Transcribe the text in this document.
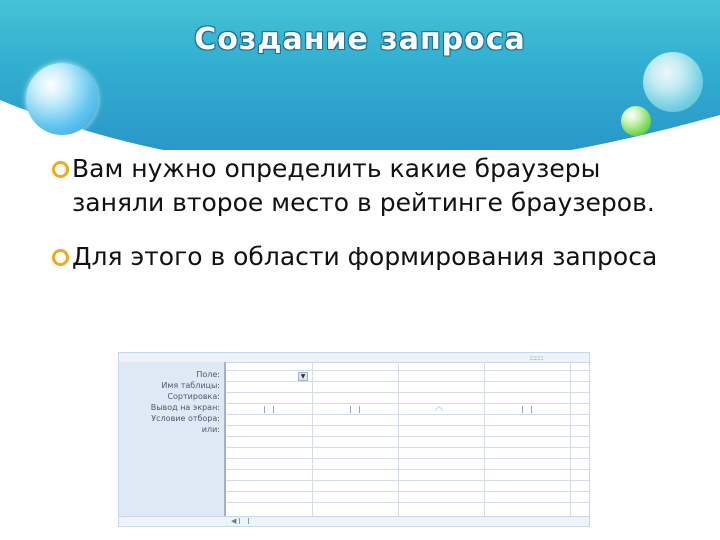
Создание запроса
Вам нужно определить какие браузеры заняли второе место в рейтинге браузеров.
Для этого в области формирования запроса
::::::::::
Поле:
Имя таблицы:
Сортировка:
Вывод на экран:
Условие отбора:
или:
▼
◀
